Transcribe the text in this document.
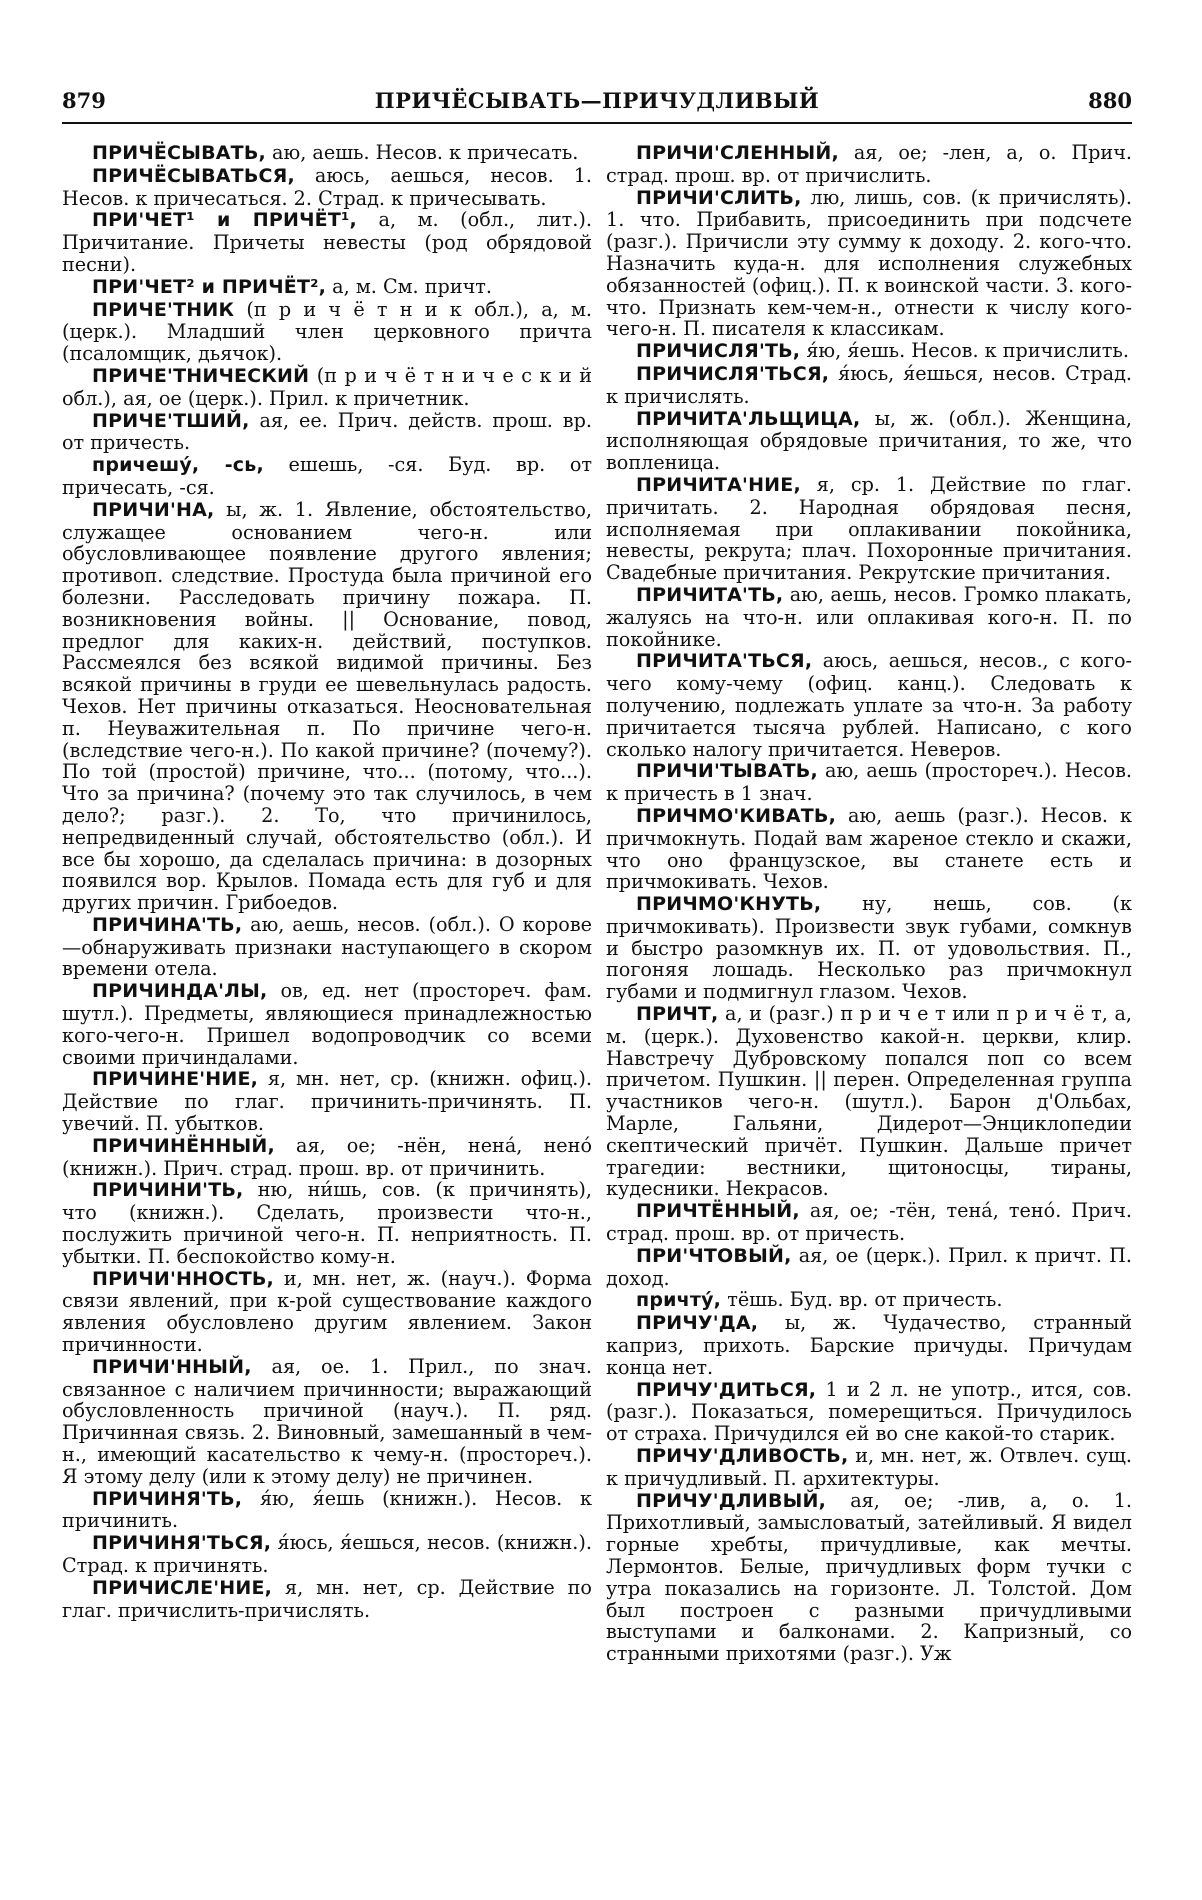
879	ПРИЧЁСЫВАТЬ—ПРИЧУДЛИВЫЙ	880

ПРИЧЁСЫВАТЬ, аю, аешь. Несов. к причесать.

ПРИЧЁСЫВАТЬСЯ, аюсь, аешься, несов. 1. Несов. к причесаться. 2. Страд. к причесывать.

ПРИ'ЧЕТ¹ и ПРИЧЁТ¹, а, м. (обл., лит.). Причитание. Причеты невесты (род обрядовой песни).

ПРИ'ЧЕТ² и ПРИЧЁТ², а, м. См. причт.

ПРИЧЕ'ТНИК (п р и ч ё т н и к обл.), а, м. (церк.). Младший член церковного причта (псаломщик, дьячок).

ПРИЧЕ'ТНИЧЕСКИЙ (п р и ч ё т н и ч е с к и й обл.), ая, ое (церк.). Прил. к причетник.

ПРИЧЕ'ТШИЙ, ая, ее. Прич. действ. прош. вр. от причесть.

причешу́, -сь, ешешь, -ся. Буд. вр. от причесать, -ся.

ПРИЧИ'НА, ы, ж. 1. Явление, обстоятельство, служащее основанием чего-н. или обусловливающее появление другого явления; противоп. следствие. Простуда была причиной его болезни. Расследовать причину пожара. П. возникновения войны. || Основание, повод, предлог для каких-н. действий, поступков. Рассмеялся без всякой видимой причины. Без всякой причины в груди ее шевельнулась радость. Чехов. Нет причины отказаться. Неосновательная п. Неуважительная п. По причине чего-н. (вследствие чего-н.). По какой причине? (почему?). По той (простой) причине, что... (потому, что...). Что за причина? (почему это так случилось, в чем дело?; разг.). 2. То, что причинилось, непредвиденный случай, обстоятельство (обл.). И все бы хорошо, да сделалась причина: в дозорных появился вор. Крылов. Помада есть для губ и для других причин. Грибоедов.

ПРИЧИНА'ТЬ, аю, аешь, несов. (обл.). О корове—обнаруживать признаки наступающего в скором времени отела.

ПРИЧИНДА'ЛЫ, ов, ед. нет (простореч. фам. шутл.). Предметы, являющиеся принадлежностью кого-чего-н. Пришел водопроводчик со всеми своими причиндалами.

ПРИЧИНЕ'НИЕ, я, мн. нет, ср. (книжн. офиц.). Действие по глаг. причинить-причинять. П. увечий. П. убытков.

ПРИЧИНЁННЫЙ, ая, ое; -нён, нена́, нено́ (книжн.). Прич. страд. прош. вр. от причинить.

ПРИЧИНИ'ТЬ, ню, ни́шь, сов. (к причинять), что (книжн.). Сделать, произвести что-н., послужить причиной чего-н. П. неприятность. П. убытки. П. беспокойство кому-н.

ПРИЧИ'ННОСТЬ, и, мн. нет, ж. (науч.). Форма связи явлений, при к-рой существование каждого явления обусловлено другим явлением. Закон причинности.

ПРИЧИ'ННЫЙ, ая, ое. 1. Прил., по знач. связанное с наличием причинности; выражающий обусловленность причиной (науч.). П. ряд. Причинная связь. 2. Виновный, замешанный в чем-н., имеющий касательство к чему-н. (простореч.). Я этому делу (или к этому делу) не причинен.

ПРИЧИНЯ'ТЬ, я́ю, я́ешь (книжн.). Несов. к причинить.

ПРИЧИНЯ'ТЬСЯ, я́юсь, я́ешься, несов. (книжн.). Страд. к причинять.

ПРИЧИСЛЕ'НИЕ, я, мн. нет, ср. Действие по глаг. причислить-причислять.

ПРИЧИ'СЛЕННЫЙ, ая, ое; -лен, а, о. Прич. страд. прош. вр. от причислить.

ПРИЧИ'СЛИТЬ, лю, лишь, сов. (к причислять). 1. что. Прибавить, присоединить при подсчете (разг.). Причисли эту сумму к доходу. 2. кого-что. Назначить куда-н. для исполнения служебных обязанностей (офиц.). П. к воинской части. 3. кого-что. Признать кем-чем-н., отнести к числу кого-чего-н. П. писателя к классикам.

ПРИЧИСЛЯ'ТЬ, я́ю, я́ешь. Несов. к причислить.

ПРИЧИСЛЯ'ТЬСЯ, я́юсь, я́ешься, несов. Страд. к причислять.

ПРИЧИТА'ЛЬЩИЦА, ы, ж. (обл.). Женщина, исполняющая обрядовые причитания, то же, что вопленица.

ПРИЧИТА'НИЕ, я, ср. 1. Действие по глаг. причитать. 2. Народная обрядовая песня, исполняемая при оплакивании покойника, невесты, рекрута; плач. Похоронные причитания. Свадебные причитания. Рекрутские причитания.

ПРИЧИТА'ТЬ, аю, аешь, несов. Громко плакать, жалуясь на что-н. или оплакивая кого-н. П. по покойнике.

ПРИЧИТА'ТЬСЯ, аюсь, аешься, несов., с кого-чего кому-чему (офиц. канц.). Следовать к получению, подлежать уплате за что-н. За работу причитается тысяча рублей. Написано, с кого сколько налогу причитается. Неверов.

ПРИЧИ'ТЫВАТЬ, аю, аешь (простореч.). Несов. к причесть в 1 знач.

ПРИЧМО'КИВАТЬ, аю, аешь (разг.). Несов. к причмокнуть. Подай вам жареное стекло и скажи, что оно французское, вы станете есть и причмокивать. Чехов.

ПРИЧМО'КНУТЬ, ну, нешь, сов. (к причмокивать). Произвести звук губами, сомкнув и быстро разомкнув их. П. от удовольствия. П., погоняя лошадь. Несколько раз причмокнул губами и подмигнул глазом. Чехов.

ПРИЧТ, а, и (разг.) п р и ч е т или п р и ч ё т, а, м. (церк.). Духовенство какой-н. церкви, клир. Навстречу Дубровскому попался поп со всем причетом. Пушкин. || перен. Определенная группа участников чего-н. (шутл.). Барон д'Ольбах, Марле, Гальяни, Дидерот—Энциклопедии скептический причёт. Пушкин. Дальше причет трагедии: вестники, щитоносцы, тираны, кудесники. Некрасов.

ПРИЧТЁННЫЙ, ая, ое; -тён, тена́, тено́. Прич. страд. прош. вр. от причесть.

ПРИ'ЧТОВЫЙ, ая, ое (церк.). Прил. к причт. П. доход.

причту́, тёшь. Буд. вр. от причесть.

ПРИЧУ'ДА, ы, ж. Чудачество, странный каприз, прихоть. Барские причуды. Причудам конца нет.

ПРИЧУ'ДИТЬСЯ, 1 и 2 л. не употр., ится, сов. (разг.). Показаться, померещиться. Причудилось от страха. Причудился ей во сне какой-то старик.

ПРИЧУ'ДЛИВОСТЬ, и, мн. нет, ж. Отвлеч. сущ. к причудливый. П. архитектуры.

ПРИЧУ'ДЛИВЫЙ, ая, ое; -лив, а, о. 1. Прихотливый, замысловатый, затейливый. Я видел горные хребты, причудливые, как мечты. Лермонтов. Белые, причудливых форм тучки с утра показались на горизонте. Л. Толстой. Дом был построен с разными причудливыми выступами и балконами. 2. Капризный, со странными прихотями (разг.). Уж
